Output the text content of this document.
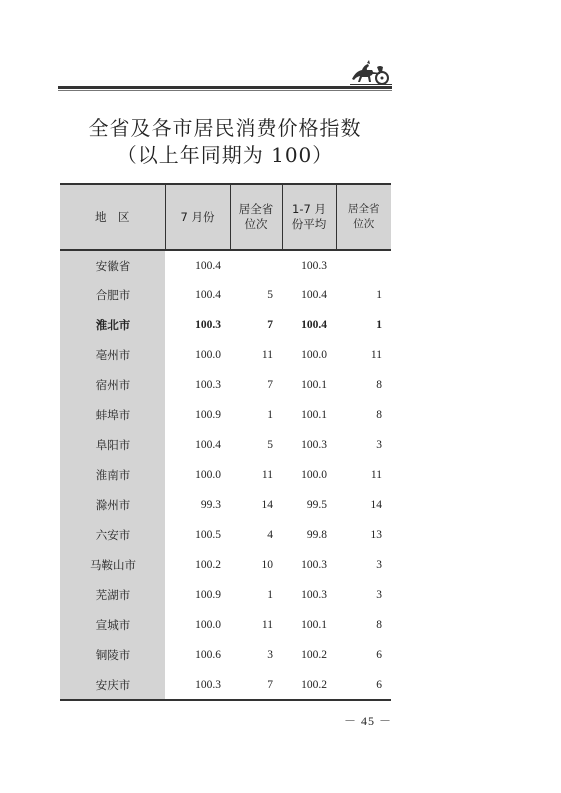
全省及各市居民消费价格指数
（以上年同期为 100）
地　区	7 月份	居全省位次	1-7 月份平均	居全省位次
安徽省	100.4		100.3	
合肥市	100.4	5	100.4	1
淮北市	100.3	7	100.4	1
亳州市	100.0	11	100.0	11
宿州市	100.3	7	100.1	8
蚌埠市	100.9	1	100.1	8
阜阳市	100.4	5	100.3	3
淮南市	100.0	11	100.0	11
滁州市	99.3	14	99.5	14
六安市	100.5	4	99.8	13
马鞍山市	100.2	10	100.3	3
芜湖市	100.9	1	100.3	3
宣城市	100.0	11	100.1	8
铜陵市	100.6	3	100.2	6
安庆市	100.3	7	100.2	6
－ 45 －
